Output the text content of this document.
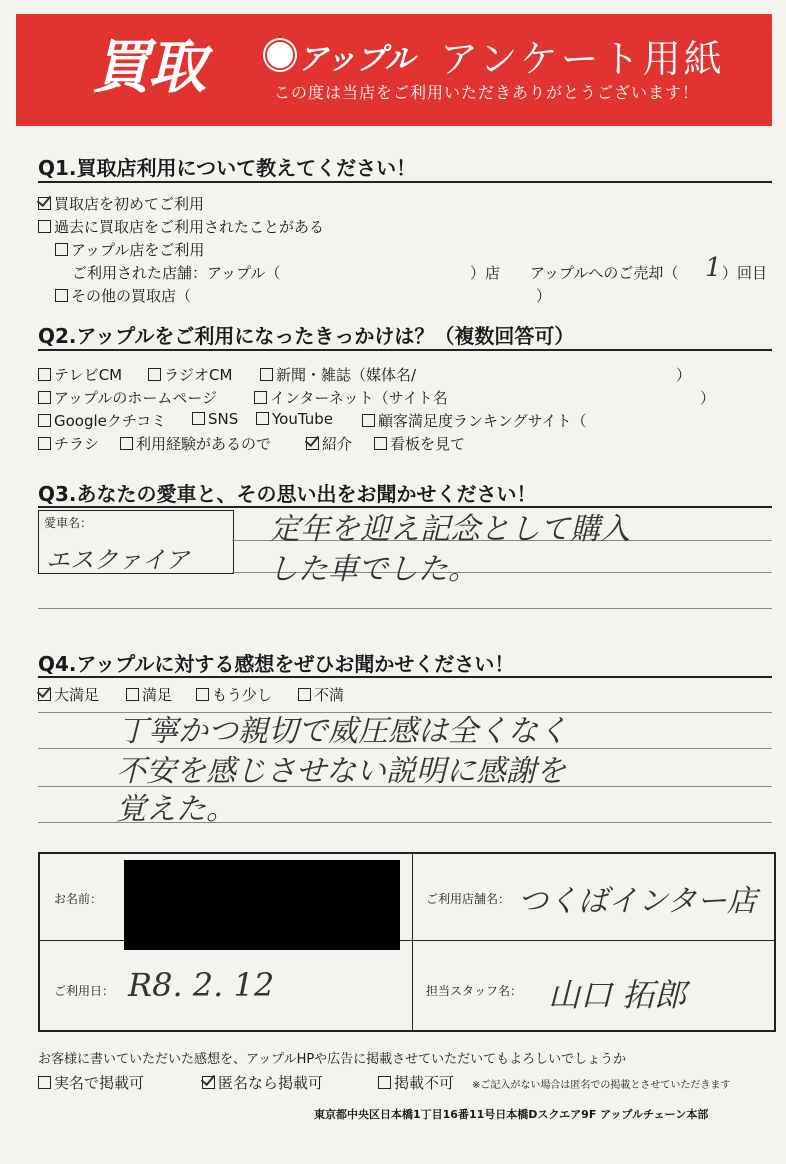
買取	アップル アンケート用紙
この度は当店をご利用いただきありがとうございます！
Q1.買取店利用について教えてください！
買取店を初めてご利用
過去に買取店をご利用されたことがある
アップル店をご利用
ご利用された店舗：アップル（	）店 アップルへのご売却（ 1 ）回目
その他の買取店（	）
Q2.アップルをご利用になったきっかけは？（複数回答可）
テレビCM	ラジオCM	新聞・雑誌（媒体名/	）
アップルのホームページ	インターネット（サイト名	）
Googleクチコミ	SNS	YouTube	顧客満足度ランキングサイト（
チラシ	利用経験があるので	紹介	看板を見て
Q3.あなたの愛車と、その思い出をお聞かせください！
愛車名：
エスクァイア
定年を迎え記念として購入
した車でした。
Q4.アップルに対する感想をぜひお聞かせください！
大満足	満足	もう少し	不満
丁寧かつ親切で威圧感は全くなく
不安を感じさせない説明に感謝を
覚えた。
お名前：	ご利用店舗名： つくばインター店
ご利用日： R8. 2. 12	担当スタッフ名： 山口 拓郎
お客様に書いていただいた感想を、アップルHPや広告に掲載させていただいてもよろしいでしょうか
実名で掲載可	匿名なら掲載可	掲載不可 ※ご記入がない場合は匿名での掲載とさせていただきます
東京都中央区日本橋1丁目16番11号日本橋Dスクエア9F アップルチェーン本部
